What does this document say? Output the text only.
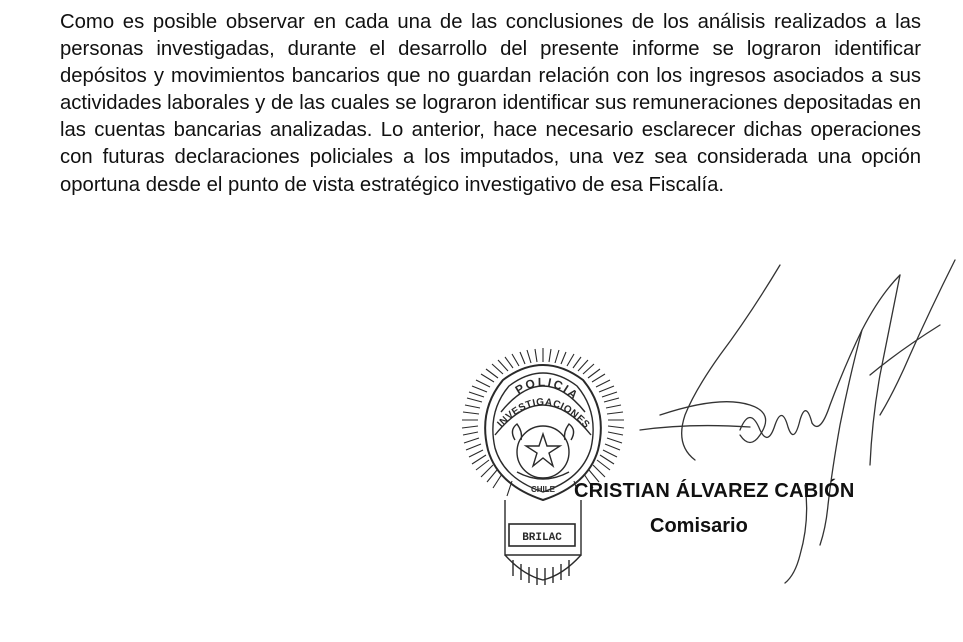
Como es posible observar en cada una de las conclusiones de los análisis realizados a las personas investigadas, durante el desarrollo del presente informe se lograron identificar depósitos y movimientos bancarios que no guardan relación con los ingresos asociados a sus actividades laborales y de las cuales se lograron identificar sus remuneraciones depositadas en las cuentas bancarias analizadas. Lo anterior, hace necesario esclarecer dichas operaciones con futuras declaraciones policiales a los imputados, una vez sea considerada una opción oportuna desde el punto de vista estratégico investigativo de esa Fiscalía.

POLICIA
INVESTIGACIONES
CHILE
BRILAC
CRISTIAN ÁLVAREZ CABIÓN
Comisario
